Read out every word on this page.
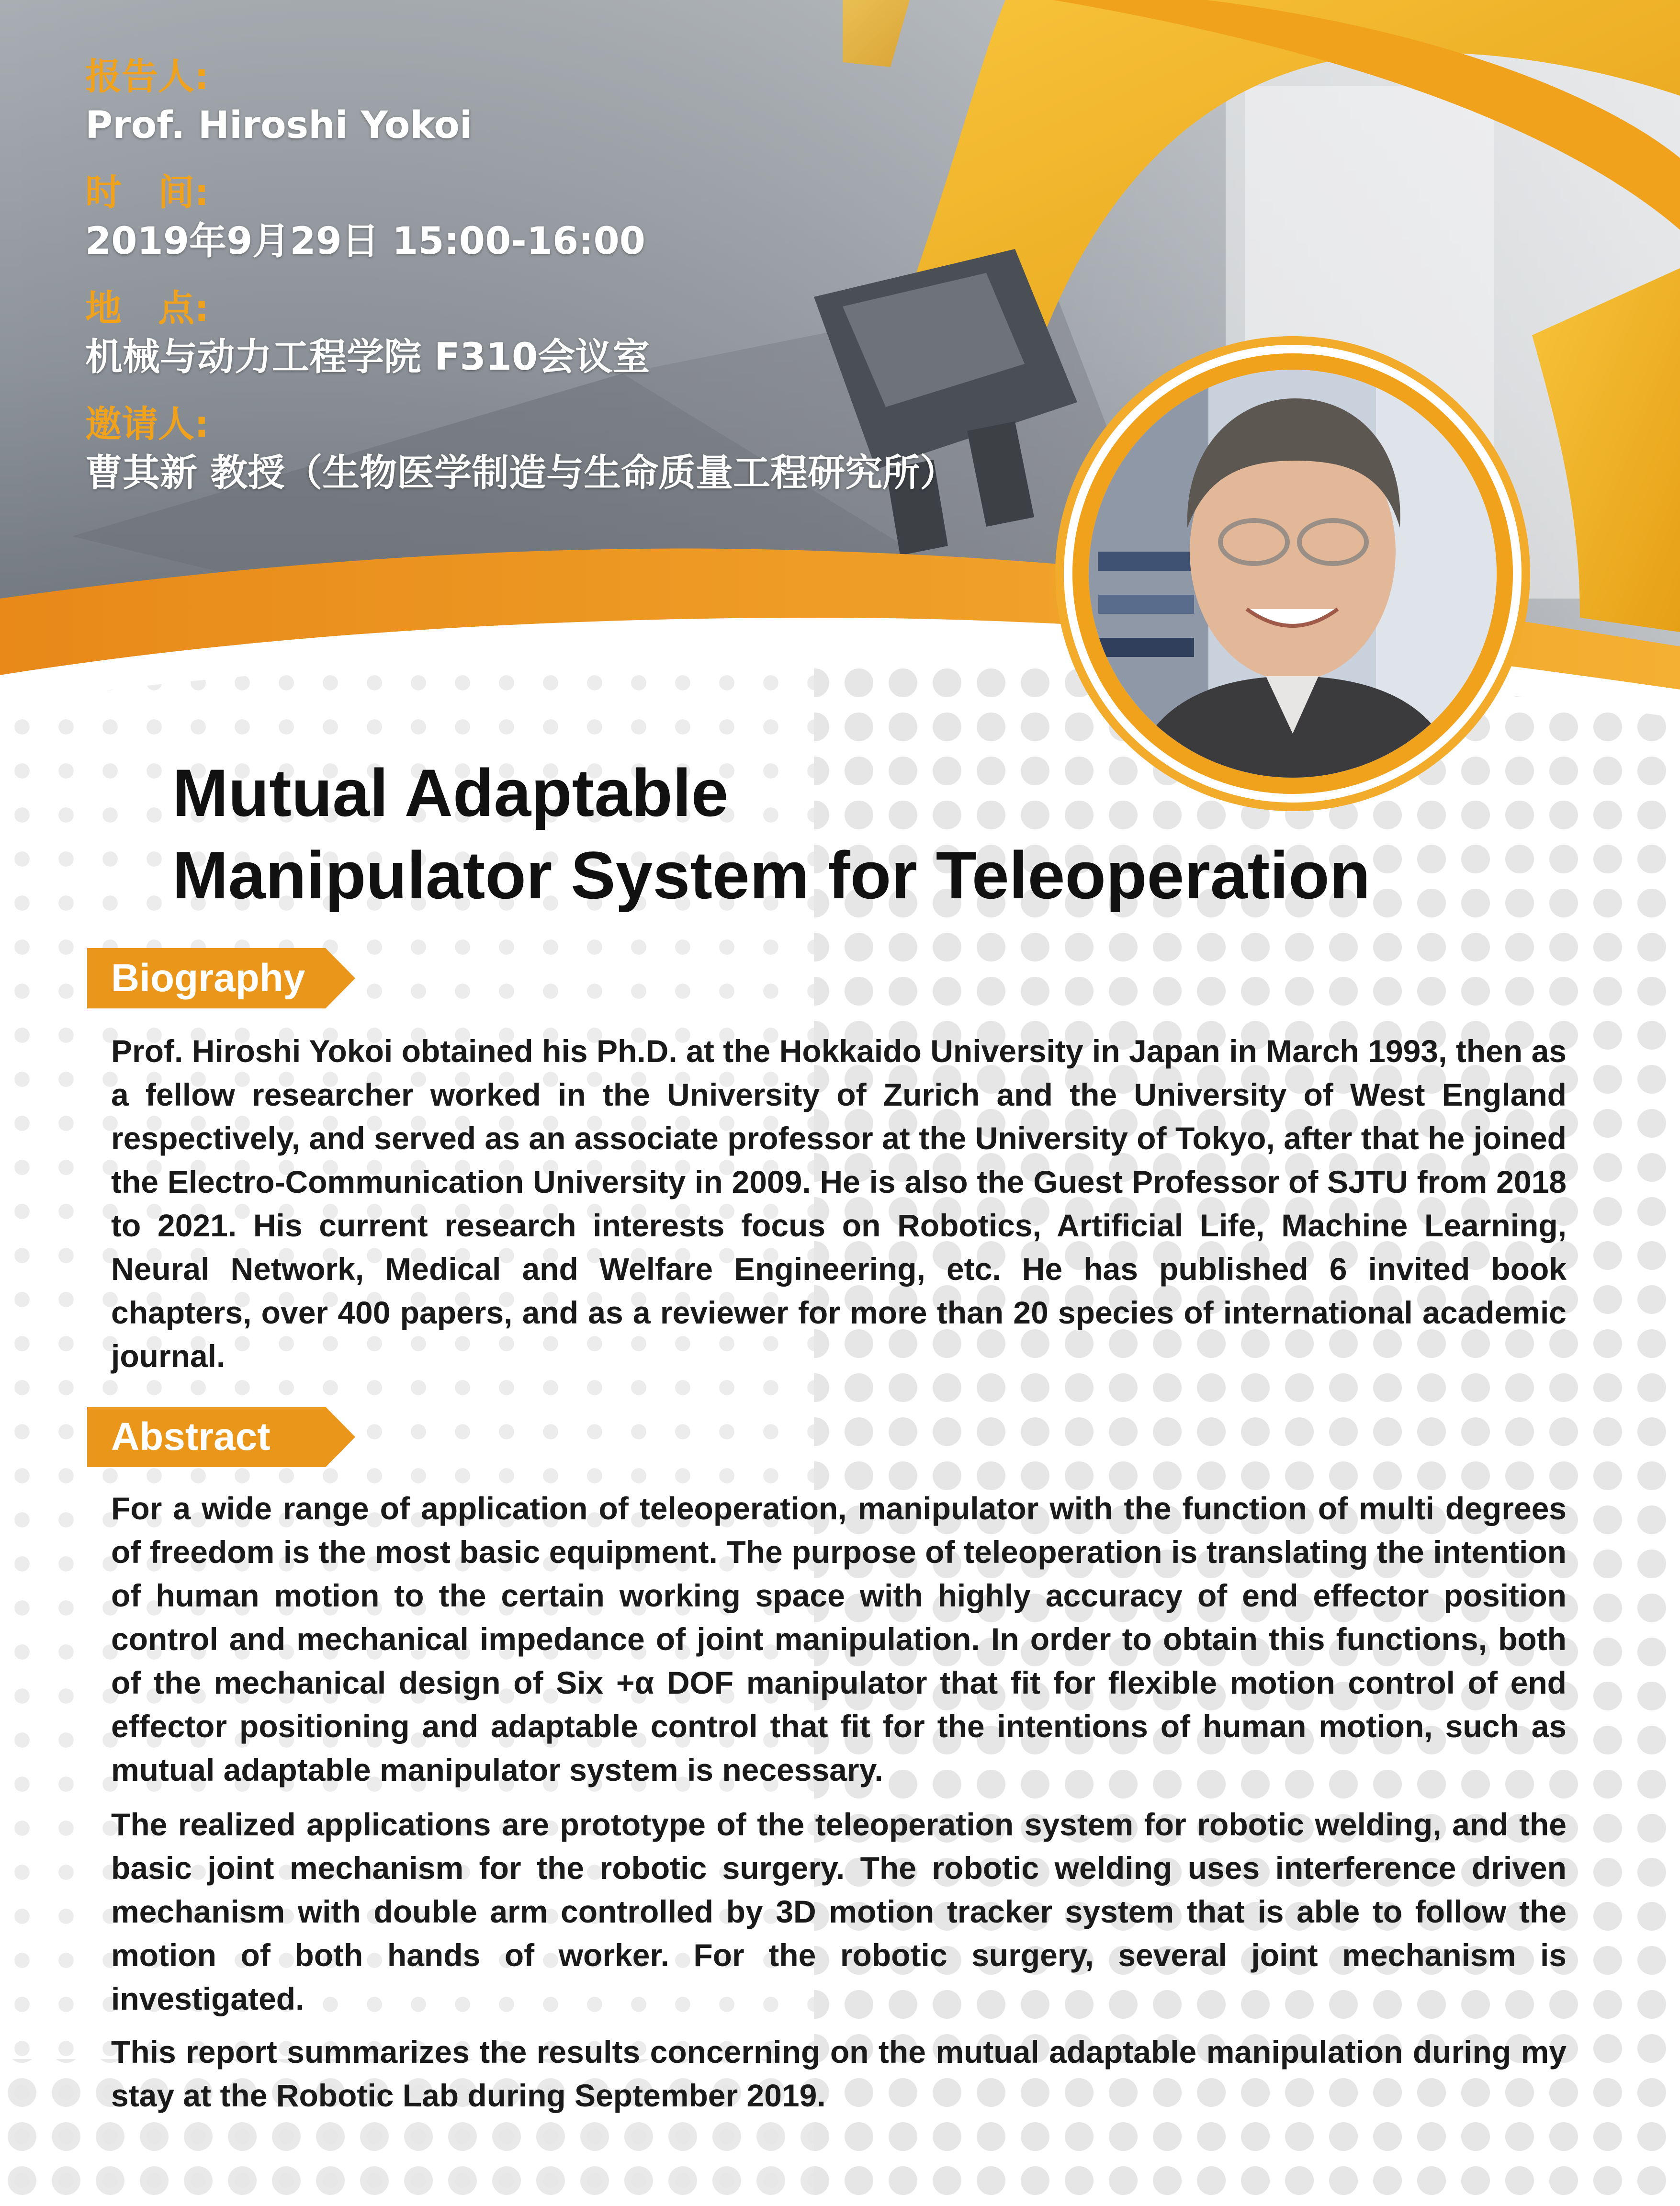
报告人:
Prof. Hiroshi Yokoi
时　间:
2019年9月29日 15:00-16:00
地　点:
机械与动力工程学院 F310会议室
邀请人:
曹其新 教授（生物医学制造与生命质量工程研究所）
Mutual Adaptable
Manipulator System for Teleoperation
Biography

Prof. Hiroshi Yokoi obtained his Ph.D. at the Hokkaido University in Japan in March 1993, then as a fellow researcher worked in the University of Zurich and the University of West England respectively, and served as an associate professor at the University of Tokyo, after that he joined the Electro-Communication University in 2009. He is also the Guest Professor of SJTU from 2018 to 2021. His current research interests focus on Robotics, Artificial Life, Machine Learning, Neural Network, Medical and Welfare Engineering, etc. He has published 6 invited book chapters, over 400 papers, and as a reviewer for more than 20 species of international academic journal.

Abstract

For a wide range of application of teleoperation, manipulator with the function of multi degrees of freedom is the most basic equipment. The purpose of teleoperation is translating the intention of human motion to the certain working space with highly accuracy of end effector position control and mechanical impedance of joint manipulation. In order to obtain this functions, both of the mechanical design of Six +α DOF manipulator that fit for flexible motion control of end effector positioning and adaptable control that fit for the intentions of human motion, such as mutual adaptable manipulator system is necessary.

The realized applications are prototype of the teleoperation system for robotic welding, and the basic joint mechanism for the robotic surgery. The robotic welding uses interference driven mechanism with double arm controlled by 3D motion tracker system that is able to follow the motion of both hands of worker. For the robotic surgery, several joint mechanism is investigated.

This report summarizes the results concerning on the mutual adaptable manipulation during my stay at the Robotic Lab during September 2019.
